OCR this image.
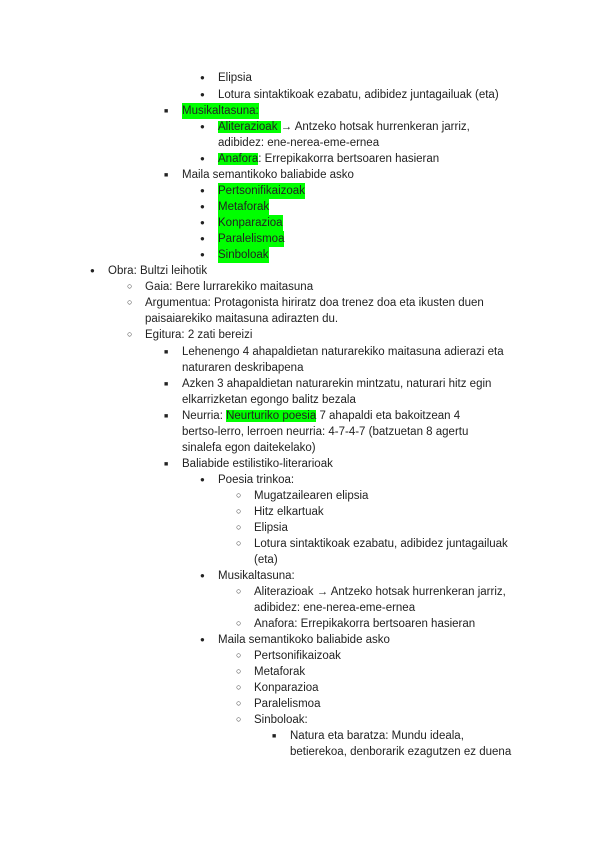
●
Elipsia
●
Lotura sintaktikoak ezabatu, adibidez juntagailuak (eta)
■
Musikaltasuna:
●
Aliterazioak → Antzeko hotsak hurrenkeran jarriz,
adibidez: ene-nerea-eme-ernea
●
Anafora: Errepikakorra bertsoaren hasieran
■
Maila semantikoko baliabide asko
●
Pertsonifikaizoak
●
Metaforak
●
Konparazioa
●
Paralelismoa
●
Sinboloak
●
Obra: Bultzi leihotik
○
Gaia: Bere lurrarekiko maitasuna
○
Argumentua: Protagonista hiriratz doa trenez doa eta ikusten duen
paisaiarekiko maitasuna adirazten du.
○
Egitura: 2 zati bereizi
■
Lehenengo 4 ahapaldietan naturarekiko maitasuna adierazi eta
naturaren deskribapena
■
Azken 3 ahapaldietan naturarekin mintzatu, naturari hitz egin
elkarrizketan egongo balitz bezala
■
Neurria: Neurturiko poesia 7 ahapaldi eta bakoitzean 4
bertso-lerro, lerroen neurria: 4-7-4-7 (batzuetan 8 agertu
sinalefa egon daitekelako)
■
Baliabide estilistiko-literarioak
●
Poesia trinkoa:
○
Mugatzailearen elipsia
○
Hitz elkartuak
○
Elipsia
○
Lotura sintaktikoak ezabatu, adibidez juntagailuak
(eta)
●
Musikaltasuna:
○
Aliterazioak → Antzeko hotsak hurrenkeran jarriz,
adibidez: ene-nerea-eme-ernea
○
Anafora: Errepikakorra bertsoaren hasieran
●
Maila semantikoko baliabide asko
○
Pertsonifikaizoak
○
Metaforak
○
Konparazioa
○
Paralelismoa
○
Sinboloak:
■
Natura eta baratza: Mundu ideala,
betierekoa, denborarik ezagutzen ez duena
